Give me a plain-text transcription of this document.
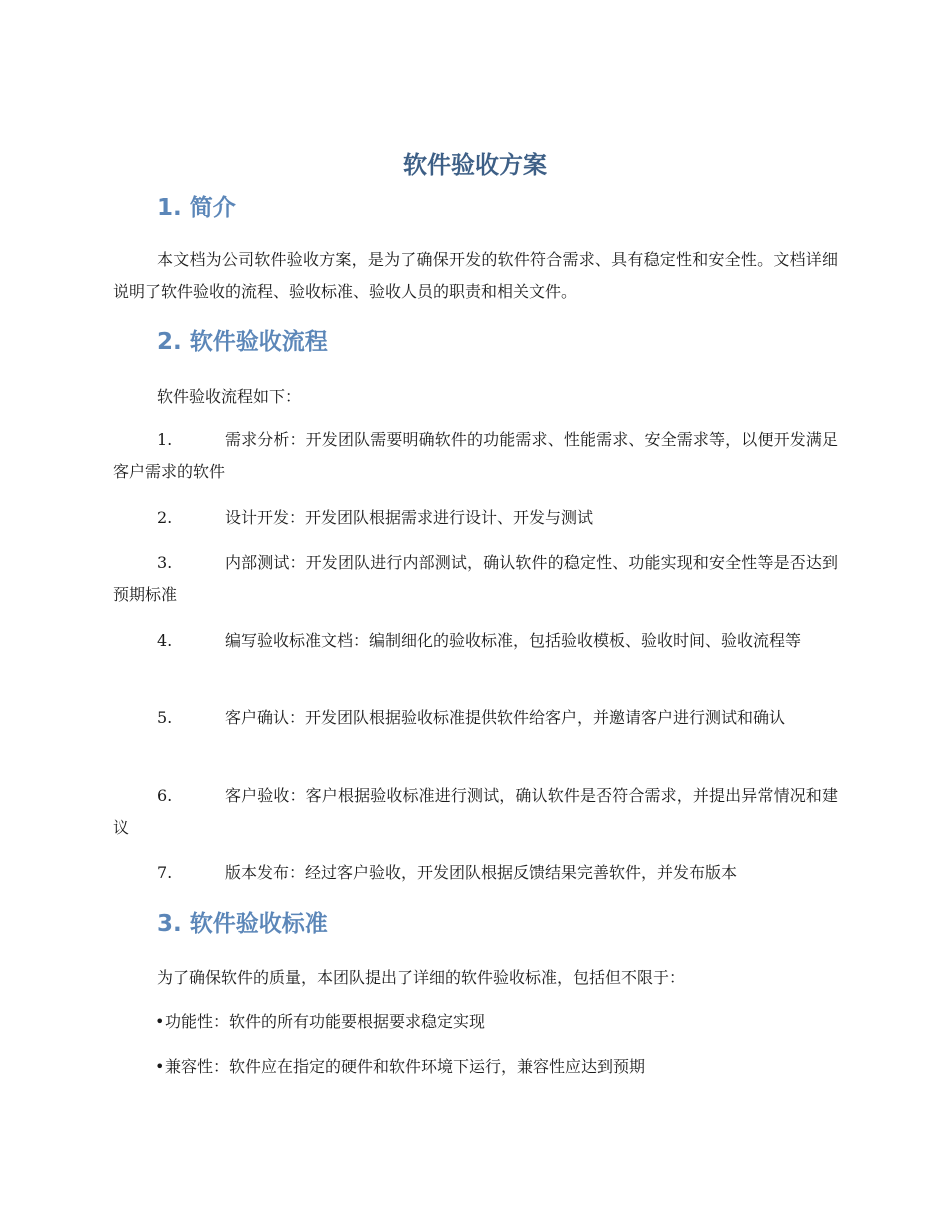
软件验收方案
1. 简介
本文档为公司软件验收方案，是为了确保开发的软件符合需求、具有稳定性和安全性。文档详细说明了软件验收的流程、验收标准、验收人员的职责和相关文件。
2. 软件验收流程
软件验收流程如下：
1.	需求分析：开发团队需要明确软件的功能需求、性能需求、安全需求等，以便开发满足客户需求的软件
2.	设计开发：开发团队根据需求进行设计、开发与测试
3.	内部测试：开发团队进行内部测试，确认软件的稳定性、功能实现和安全性等是否达到预期标准
4.	编写验收标准文档：编制细化的验收标准，包括验收模板、验收时间、验收流程等
5.	客户确认：开发团队根据验收标准提供软件给客户，并邀请客户进行测试和确认
6.	客户验收：客户根据验收标准进行测试，确认软件是否符合需求，并提出异常情况和建议
7.	版本发布：经过客户验收，开发团队根据反馈结果完善软件，并发布版本
3. 软件验收标准
为了确保软件的质量，本团队提出了详细的软件验收标准，包括但不限于：
•功能性：软件的所有功能要根据要求稳定实现
•兼容性：软件应在指定的硬件和软件环境下运行，兼容性应达到预期
